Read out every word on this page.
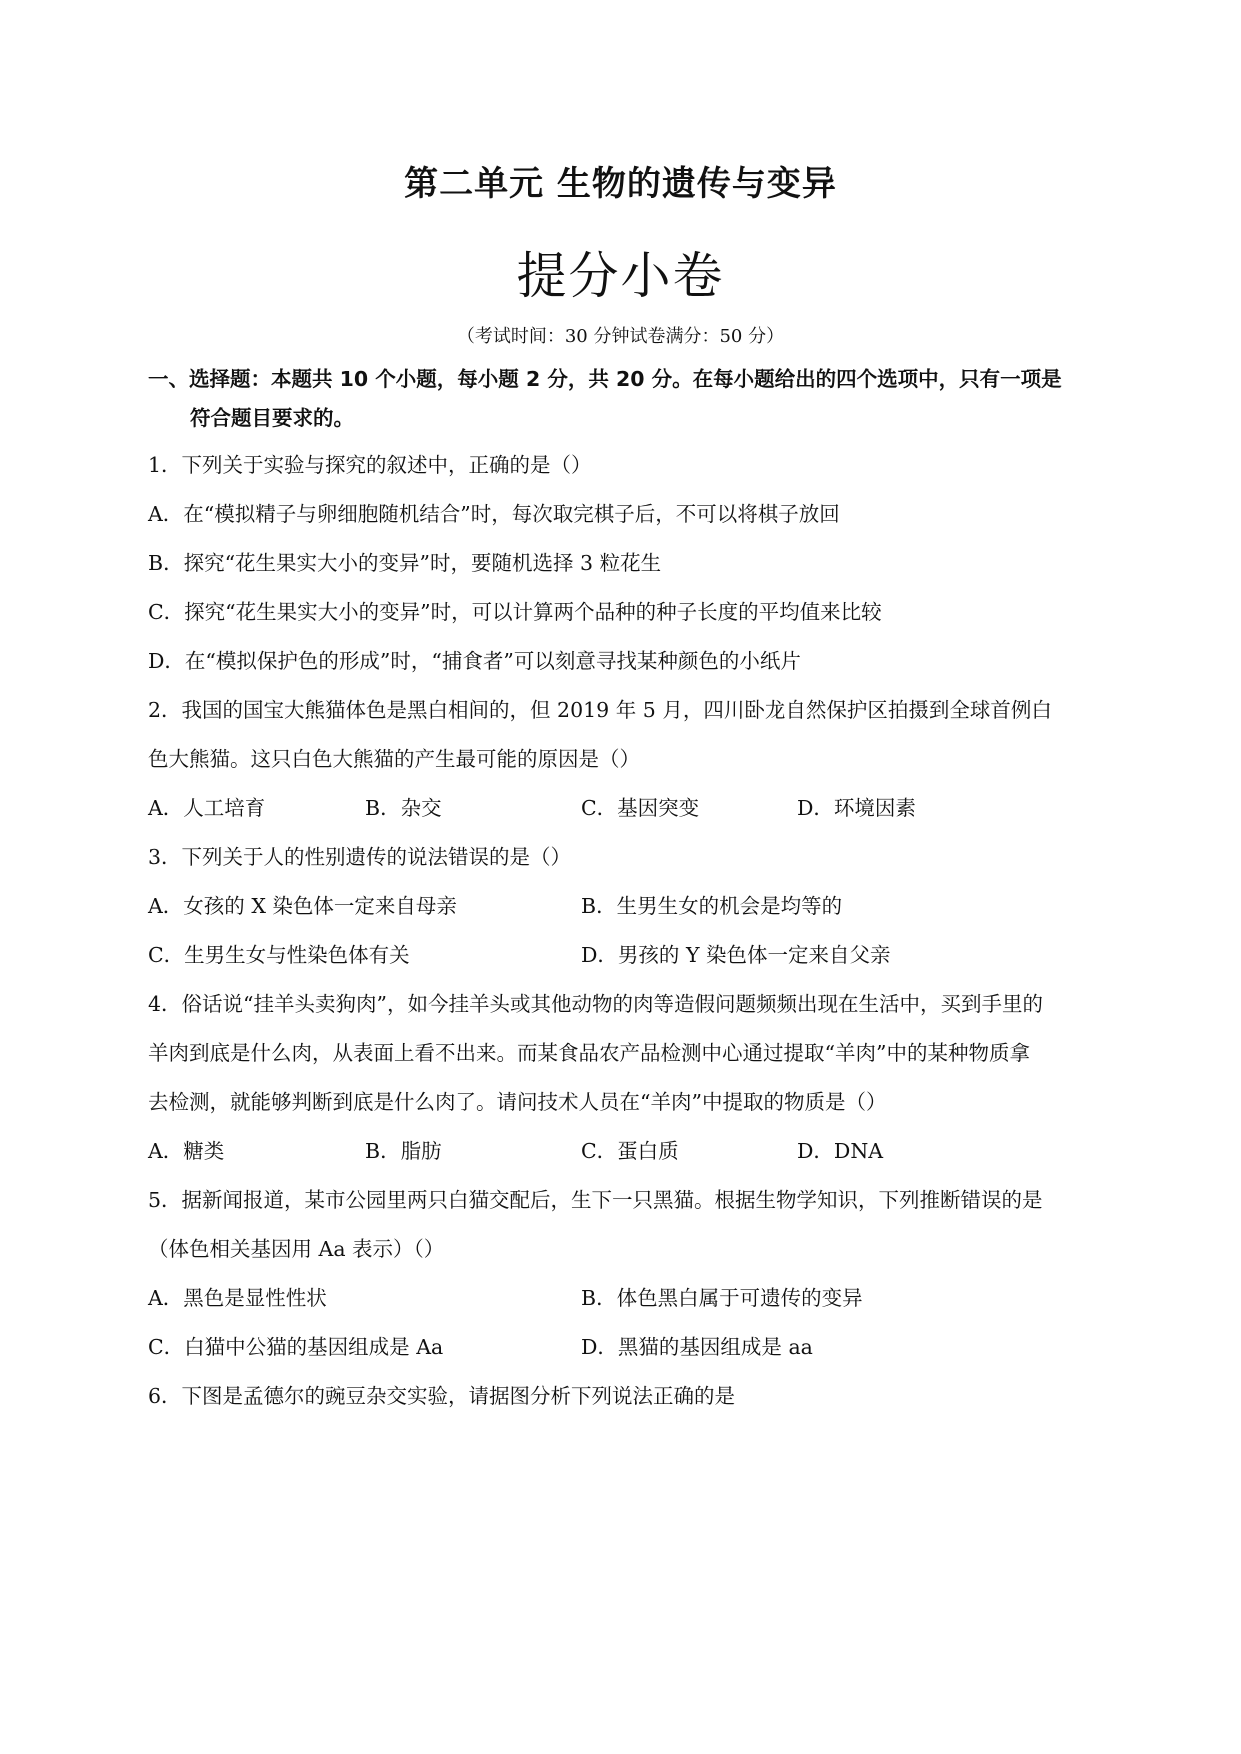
第二单元 生物的遗传与变异
提分小卷
（考试时间：30 分钟试卷满分：50 分）
一、选择题：本题共 10 个小题，每小题 2 分，共 20 分。在每小题给出的四个选项中，只有一项是
符合题目要求的。
1．下列关于实验与探究的叙述中，正确的是（）
A．在“模拟精子与卵细胞随机结合”时，每次取完棋子后，不可以将棋子放回
B．探究“花生果实大小的变异”时，要随机选择 3 粒花生
C．探究“花生果实大小的变异”时，可以计算两个品种的种子长度的平均值来比较
D．在“模拟保护色的形成”时，“捕食者”可以刻意寻找某种颜色的小纸片
2．我国的国宝大熊猫体色是黑白相间的，但 2019 年 5 月，四川卧龙自然保护区拍摄到全球首例白
色大熊猫。这只白色大熊猫的产生最可能的原因是（）
A．人工培育	B．杂交	C．基因突变	D．环境因素
3．下列关于人的性别遗传的说法错误的是（）
A．女孩的 X 染色体一定来自母亲	B．生男生女的机会是均等的
C．生男生女与性染色体有关	D．男孩的 Y 染色体一定来自父亲
4．俗话说“挂羊头卖狗肉”，如今挂羊头或其他动物的肉等造假问题频频出现在生活中，买到手里的
羊肉到底是什么肉，从表面上看不出来。而某食品农产品检测中心通过提取“羊肉”中的某种物质拿
去检测，就能够判断到底是什么肉了。请问技术人员在“羊肉”中提取的物质是（）
A．糖类	B．脂肪	C．蛋白质	D．DNA
5．据新闻报道，某市公园里两只白猫交配后，生下一只黑猫。根据生物学知识，下列推断错误的是
（体色相关基因用 Aa 表示）（）
A．黑色是显性性状	B．体色黑白属于可遗传的变异
C．白猫中公猫的基因组成是 Aa	D．黑猫的基因组成是 aa
6．下图是孟德尔的豌豆杂交实验，请据图分析下列说法正确的是
